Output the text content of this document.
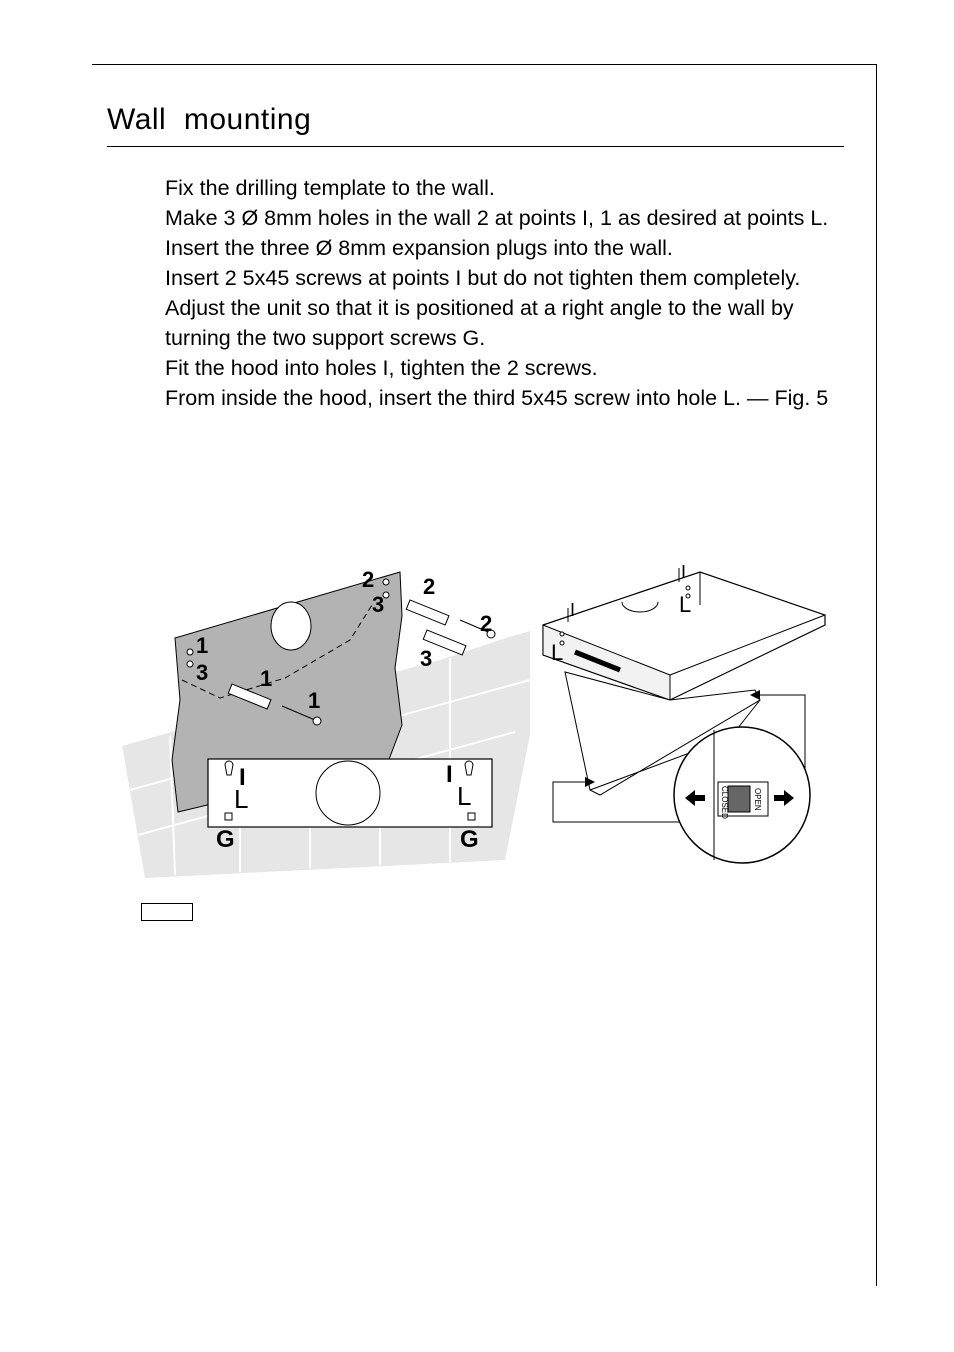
Wall  mounting
Fix the drilling template to the wall.
Make 3 Ø 8mm holes in the wall 2 at points I, 1 as desired at points L.
Insert the three Ø 8mm expansion plugs into the wall.
Insert 2 5x45 screws at points I but do not tighten them completely.
Adjust the unit so that it is positioned at a right angle to the wall by turning the two support screws G.
Fit the hood into holes I, tighten the 2 screws.
From inside the hood, insert the third 5x45 screw into hole L. — Fig. 5
1
3 1
1
2
3
2
2
3
I
L
G
I
L
G
CLOSED	OPEN
I
L
I
L
